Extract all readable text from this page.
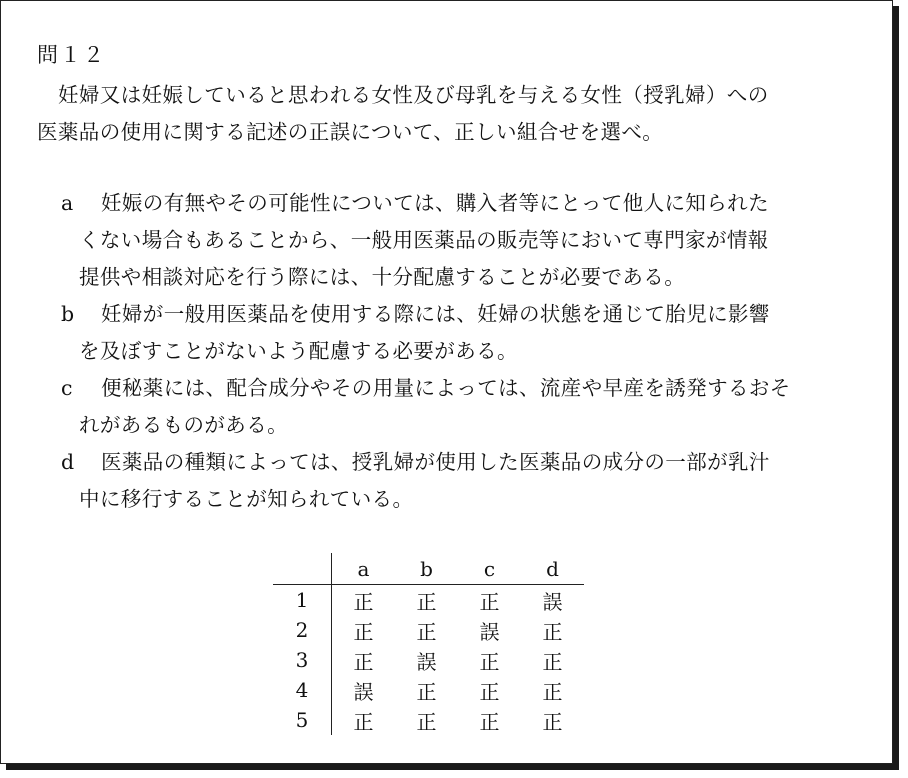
問１２
妊婦又は妊娠していると思われる女性及び母乳を与える女性（授乳婦）への
医薬品の使用に関する記述の正誤について、正しい組合せを選べ。
a	妊娠の有無やその可能性については、購入者等にとって他人に知られた
くない場合もあることから、一般用医薬品の販売等において専門家が情報
提供や相談対応を行う際には、十分配慮することが必要である。
b	妊婦が一般用医薬品を使用する際には、妊婦の状態を通じて胎児に影響
を及ぼすことがないよう配慮する必要がある。
c	便秘薬には、配合成分やその用量によっては、流産や早産を誘発するおそ
れがあるものがある。
d	医薬品の種類によっては、授乳婦が使用した医薬品の成分の一部が乳汁
中に移行することが知られている。
	a	b	c	d
1	正	正	正	誤
2	正	正	誤	正
3	正	誤	正	正
4	誤	正	正	正
5	正	正	正	正
